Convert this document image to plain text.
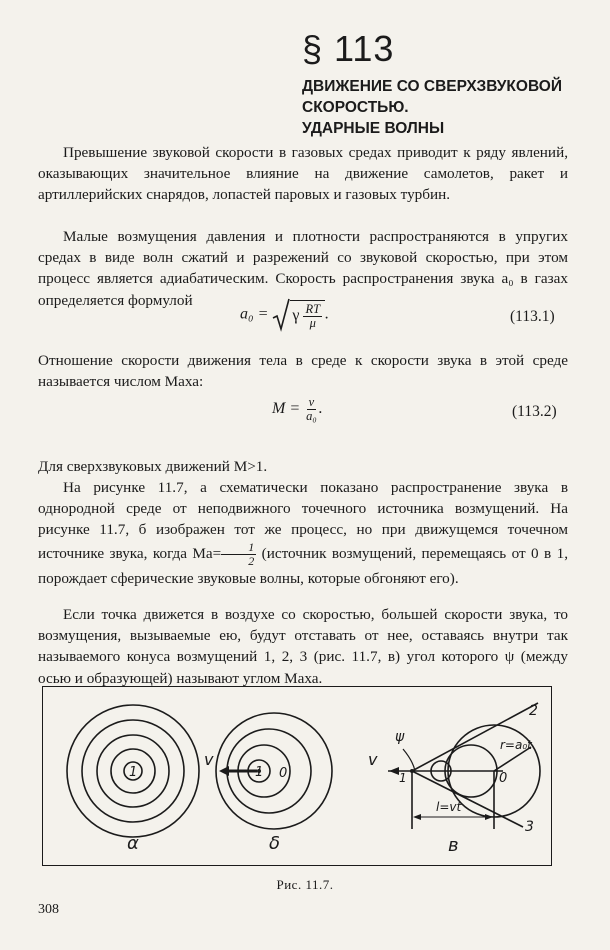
§ 113
ДВИЖЕНИЕ СО СВЕРХЗВУКОВОЙ
СКОРОСТЬЮ.
УДАРНЫЕ ВОЛНЫ
Превышение звуковой скорости в газовых средах приводит к ряду явлений, оказывающих значительное влияние на движение самолетов, ракет и артиллерийских снарядов, лопастей паровых и газовых турбин.
Малые возмущения давления и плотности распространяются в упругих средах в виде волн сжатий и разрежений со звуковой скоростью, при этом процесс является адиабатическим. Скорость распространения звука a₀ в газах определяется формулой
a₀ = γ $\frac{RT}{\mu}$ .	(113.1)
Отношение скорости движения тела в среде к скорости звука в этой среде называется числом Маха:
$M = \frac{v}{\text{a₀}}$ .	(113.2)
Для сверхзвуковых движений M>1.
На рисунке 11.7, а схематически показано распространение звука в однородной среде от неподвижного точечного источника возмущений. На рисунке 11.7, б изображен тот же процесс, но при движущемся точечном источнике звука, когда $Ma= \frac{1}{2}$ (источник возмущений, перемещаясь от 0 в 1, порождает сферические звуковые волны, которые обгоняют его).
Если точка движется в воздухе со скоростью, большей скорости звука, то возмущения, вызываемые ею, будут отставать от нее, оставаясь внутри так называемого конуса возмущений 1, 2, 3 (рис. 11.7, в) угол которого ψ (между осью и образующей) называют углом Маха.
1	1 0
v	v
1	0
ψ
2
3
r=a₀t
l=vt
α	δ	в
Рис. 11.7.
308
